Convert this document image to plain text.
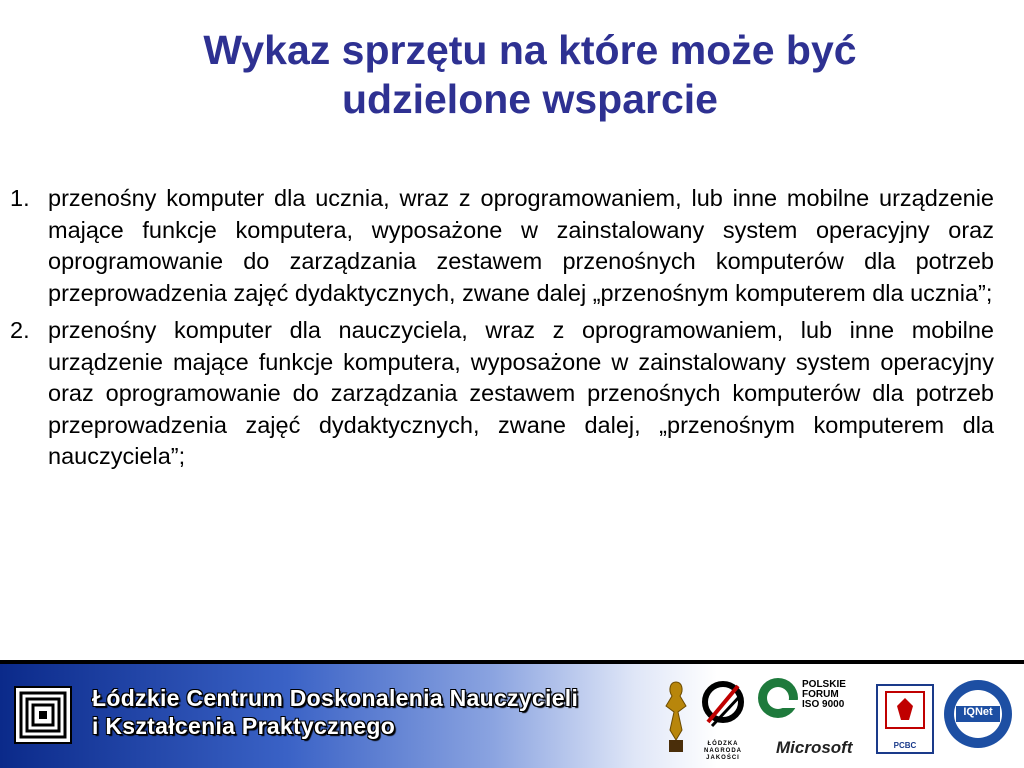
Wykaz sprzętu na które może być
udzielone wsparcie
1. przenośny komputer dla ucznia, wraz z oprogramowaniem, lub inne mobilne urządzenie mające funkcje komputera, wyposażone w zainstalowany system operacyjny oraz oprogramowanie do zarządzania zestawem przenośnych komputerów dla potrzeb przeprowadzenia zajęć dydaktycznych, zwane dalej „przenośnym komputerem dla ucznia”;
2. przenośny komputer dla nauczyciela, wraz z oprogramowaniem, lub inne mobilne urządzenie mające funkcje komputera, wyposażone w zainstalowany system operacyjny oraz oprogramowanie do zarządzania zestawem przenośnych komputerów dla potrzeb przeprowadzenia zajęć dydaktycznych, zwane dalej, „przenośnym komputerem dla nauczyciela”;
Łódzkie Centrum Doskonalenia Nauczycieli
i Kształcenia Praktycznego
ŁÓDZKA
NAGRODA
JAKOŚCI
POLSKIE
FORUM
ISO 9000
Microsoft	PCBC
IQNet
